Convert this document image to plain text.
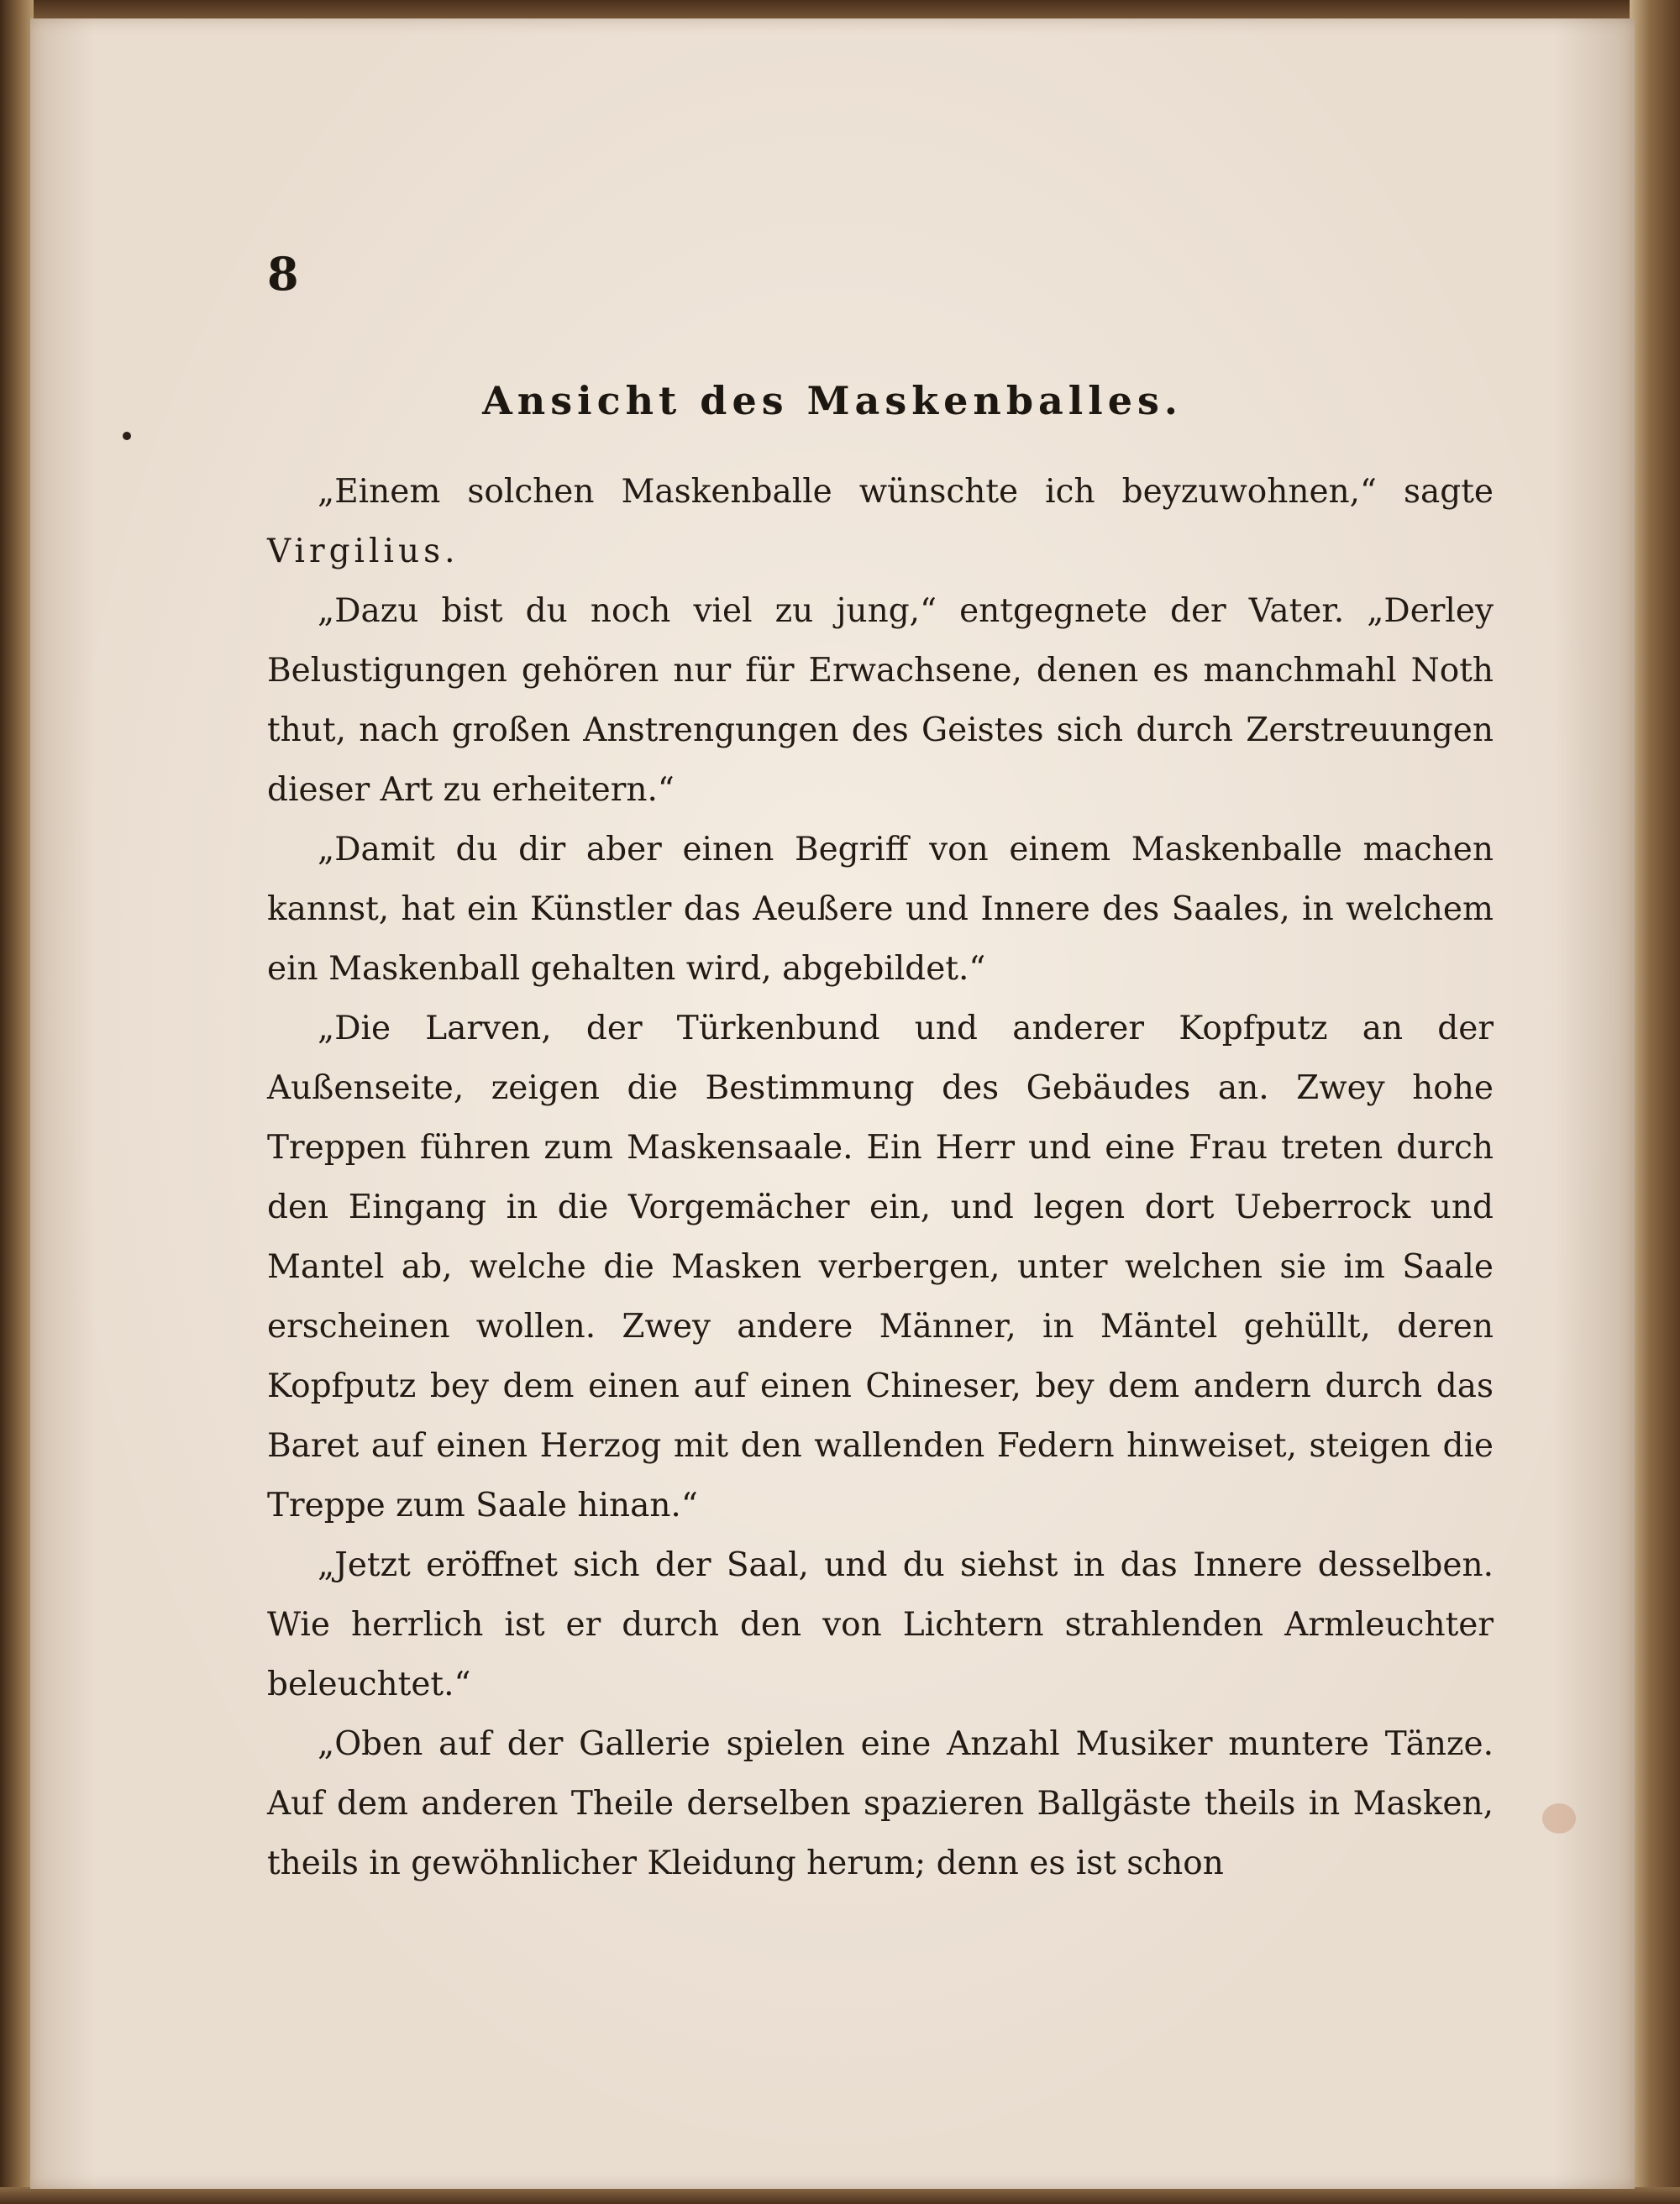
8

Ansicht des Maskenballes.

„Einem solchen Maskenballe wünschte ich beyzuwohnen,“ sagte Virgilius.

„Dazu bist du noch viel zu jung,“ entgegnete der Vater. „Derley Belustigungen gehören nur für Erwachsene, denen es manchmahl Noth thut, nach großen Anstrengungen des Geistes sich durch Zerstreuungen dieser Art zu erheitern.“

„Damit du dir aber einen Begriff von einem Maskenballe machen kannst, hat ein Künstler das Aeußere und Innere des Saales, in welchem ein Maskenball gehalten wird, abgebildet.“

„Die Larven, der Türkenbund und anderer Kopfputz an der Außenseite, zeigen die Bestimmung des Gebäudes an. Zwey hohe Treppen führen zum Maskensaale. Ein Herr und eine Frau treten durch den Eingang in die Vorgemächer ein, und legen dort Ueberrock und Mantel ab, welche die Masken verbergen, unter welchen sie im Saale erscheinen wollen. Zwey andere Männer, in Mäntel gehüllt, deren Kopfputz bey dem einen auf einen Chineser, bey dem andern durch das Baret auf einen Herzog mit den wallenden Federn hinweiset, steigen die Treppe zum Saale hinan.“

„Jetzt eröffnet sich der Saal, und du siehst in das Innere desselben. Wie herrlich ist er durch den von Lichtern strahlenden Armleuchter beleuchtet.“

„Oben auf der Gallerie spielen eine Anzahl Musiker muntere Tänze. Auf dem anderen Theile derselben spazieren Ballgäste theils in Masken, theils in gewöhnlicher Kleidung herum; denn es ist schon
